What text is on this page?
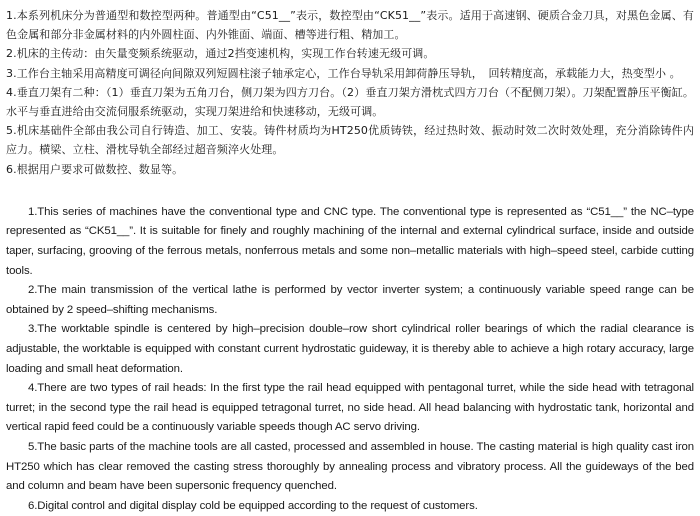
1.本系列机床分为普通型和数控型两种。普通型由“C51__”表示，数控型由“CK51__”表示。适用于高速钢、硬质合金刀具，对黑色金属、有色金属和部分非金属材料的内外圆柱面、内外锥面、端面、槽等进行粗、精加工。

2.机床的主传动：由矢量变频系统驱动，通过2挡变速机构，实现工作台转速无级可调。

3.工作台主轴采用高精度可调径向间隙双列短圆柱滚子轴承定心，工作台导轨采用卸荷静压导轨，　回转精度高，承载能力大，热变型小 。

4.垂直刀架有二种：（1）垂直刀架为五角刀台，侧刀架为四方刀台。（2）垂直刀架方滑枕式四方刀台（不配侧刀架）。刀架配置静压平衡缸。水平与垂直进给由交流伺服系统驱动，实现刀架进给和快速移动，无级可调。

5.机床基础件全部由我公司自行铸造、加工、安装。铸件材质均为HT250优质铸铁，经过热时效、振动时效二次时效处理，充分消除铸件内应力。横梁、立柱、滑枕导轨全部经过超音频淬火处理。

6.根据用户要求可做数控、数显等。

1.This series of machines have the conventional type and CNC type. The conventional type is represented as “C51__” the NC–type represented as “CK51__”. It is suitable for finely and roughly machining of the internal and external cylindrical surface, inside and outside taper, surfacing, grooving of the ferrous metals, nonferrous metals and some non–metallic materials with high–speed steel, carbide cutting tools.

2.The main transmission of the vertical lathe is performed by vector inverter system; a continuously variable speed range can be obtained by 2 speed–shifting mechanisms.

3.The worktable spindle is centered by high–precision double–row short cylindrical roller bearings of which the radial clearance is adjustable, the worktable is equipped with constant current hydrostatic guideway, it is thereby able to achieve a high rotary accuracy, large loading and small heat deformation.

4.There are two types of rail heads: In the first type the rail head equipped with pentagonal turret, while the side head with tetragonal turret; in the second type the rail head is equipped tetragonal turret, no side head. All head balancing with hydrostatic tank, horizontal and vertical rapid feed could be a continuously variable speeds though AC servo driving.

5.The basic parts of the machine tools are all casted, processed and assembled in house. The casting material is high quality cast iron HT250 which has clear removed the casting stress thoroughly by annealing process and vibratory process. All the guideways of the bed and column and beam have been supersonic frequency quenched.

6.Digital control and digital display cold be equipped according to the request of customers.
